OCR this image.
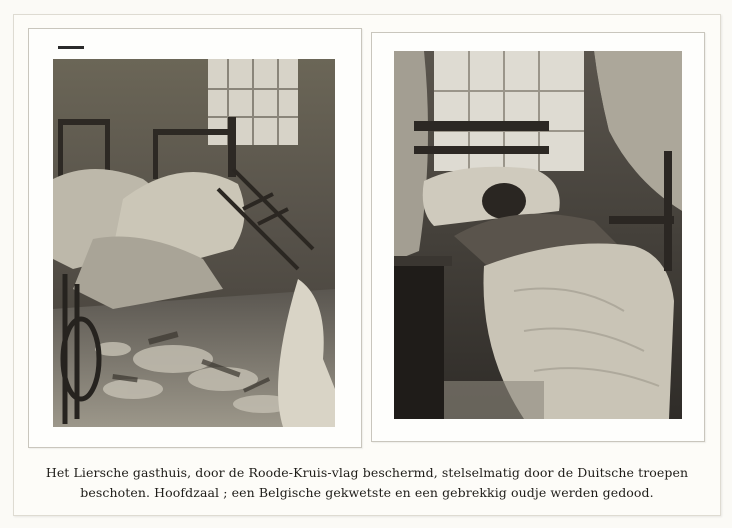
Het Liersche gasthuis, door de Roode-Kruis-vlag beschermd, stelselmatig door de Duitsche troepen
beschoten. Hoofdzaal ; een Belgische gekwetste en een gebrekkig oudje werden gedood.
